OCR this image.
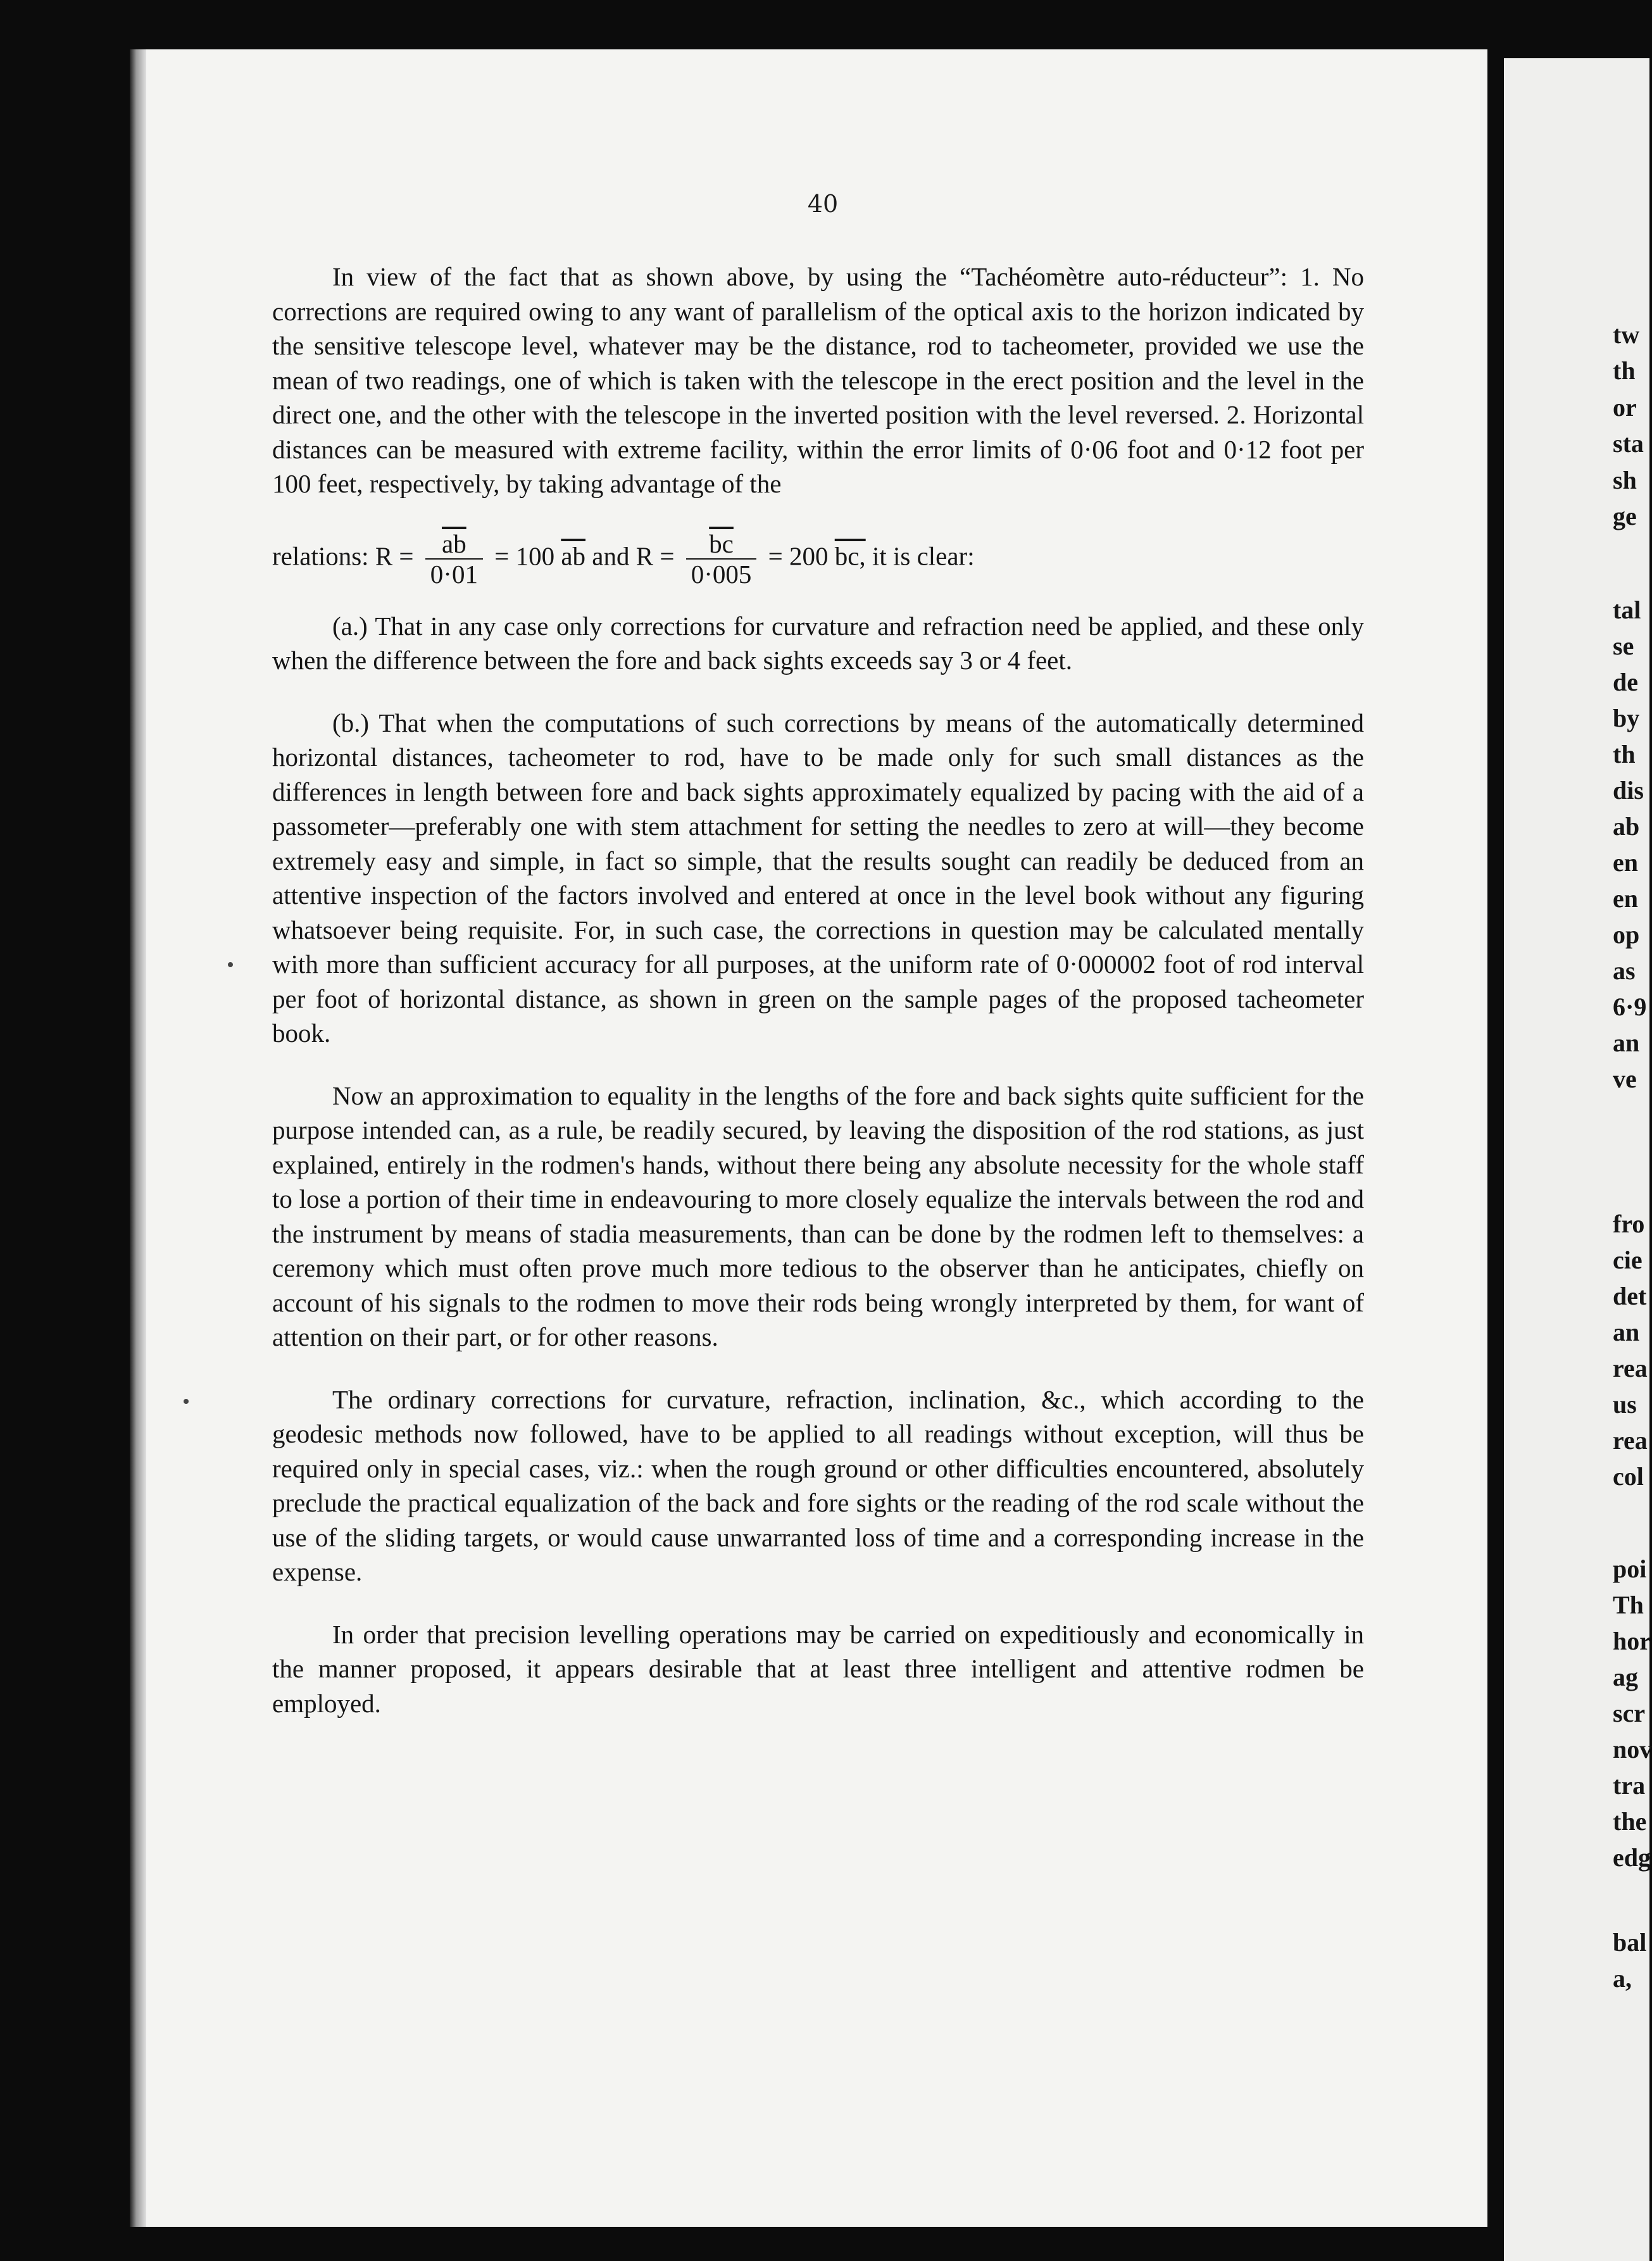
40

In view of the fact that as shown above, by using the “Tachéomètre auto-réducteur”: 1. No corrections are required owing to any want of parallelism of the optical axis to the horizon indicated by the sensitive telescope level, whatever may be the distance, rod to tacheometer, provided we use the mean of two readings, one of which is taken with the telescope in the erect position and the level in the direct one, and the other with the telescope in the inverted position with the level reversed. 2. Horizontal distances can be measured with extreme facility, within the error limits of 0·06 foot and 0·12 foot per 100 feet, respectively, by taking advantage of the

relations: $R = \frac{\overline{ab}}{0\cdot 01} = 100$ $\overline{ab}$ and $R = \frac{\overline{bc}}{0\cdot 005} = 200$ bc, it is clear:

(a.) That in any case only corrections for curvature and refraction need be applied, and these only when the difference between the fore and back sights exceeds say 3 or 4 feet.

(b.) That when the computations of such corrections by means of the automatically determined horizontal distances, tacheometer to rod, have to be made only for such small distances as the differences in length between fore and back sights approximately equalized by pacing with the aid of a passometer—preferably one with stem attachment for setting the needles to zero at will—they become extremely easy and simple, in fact so simple, that the results sought can readily be deduced from an attentive inspection of the factors involved and entered at once in the level book without any figuring whatsoever being requisite. For, in such case, the corrections in question may be calculated mentally with more than sufficient accuracy for all purposes, at the uniform rate of 0·000002 foot of rod interval per foot of horizontal distance, as shown in green on the sample pages of the proposed tacheometer book.

Now an approximation to equality in the lengths of the fore and back sights quite sufficient for the purpose intended can, as a rule, be readily secured, by leaving the disposition of the rod stations, as just explained, entirely in the rodmen's hands, without there being any absolute necessity for the whole staff to lose a portion of their time in endeavouring to more closely equalize the intervals between the rod and the instrument by means of stadia measurements, than can be done by the rodmen left to themselves: a ceremony which must often prove much more tedious to the observer than he anticipates, chiefly on account of his signals to the rodmen to move their rods being wrongly interpreted by them, for want of attention on their part, or for other reasons.

The ordinary corrections for curvature, refraction, inclination, &c., which according to the geodesic methods now followed, have to be applied to all readings without exception, will thus be required only in special cases, viz.: when the rough ground or other difficulties encountered, absolutely preclude the practical equalization of the back and fore sights or the reading of the rod scale without the use of the sliding targets, or would cause unwarranted loss of time and a corresponding increase in the expense.

In order that precision levelling operations may be carried on expeditiously and economically in the manner proposed, it appears desirable that at least three intelligent and attentive rodmen be employed.

tw
th
or
sta
sh
ge
tal
se
de
by
th
dis
ab
en
en
op
as
6·9
an
ve
fro
cie
det
an
rea
us
rea
col
poi
Th
hor
ag
scr
nov
tra
the
edg
bal
a,
